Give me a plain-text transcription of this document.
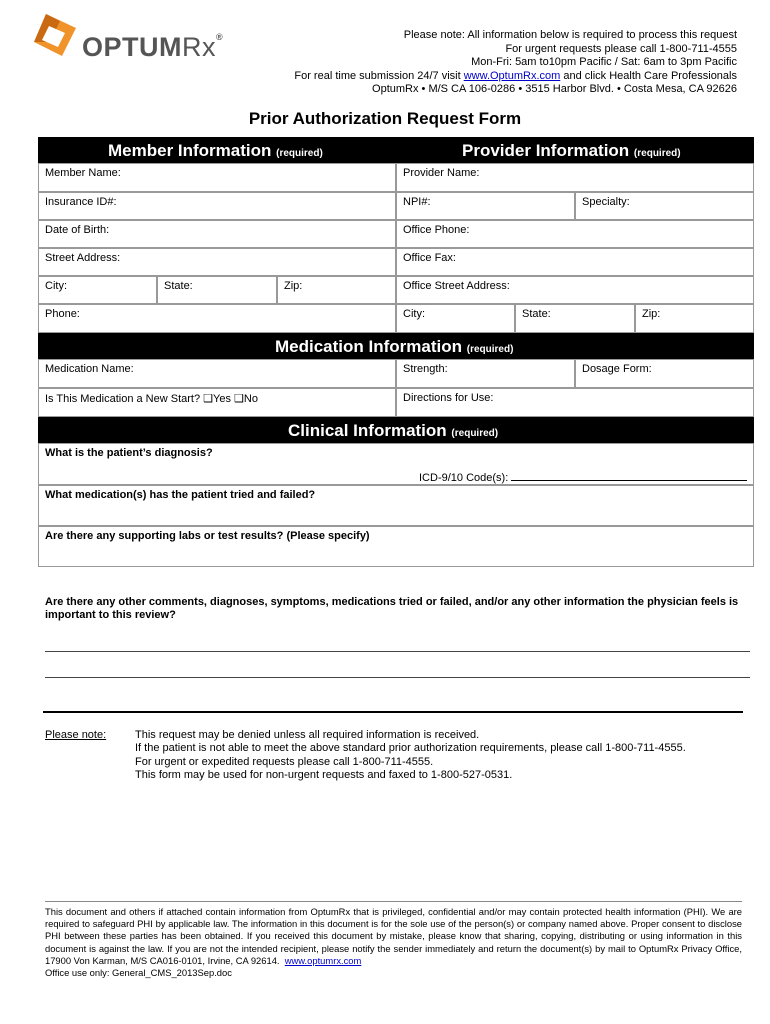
OPTUMRx®	Please note: All information below is required to process this request
For urgent requests please call 1-800-711-4555
Mon-Fri: 5am to10pm Pacific / Sat: 6am to 3pm Pacific
For real time submission 24/7 visit www.OptumRx.com and click Health Care Professionals
OptumRx • M/S CA 106-0286 • 3515 Harbor Blvd. • Costa Mesa, CA 92626
Prior Authorization Request Form
Member Information (required)	Provider Information (required)
Member Name:
Insurance ID#:
Date of Birth:
Street Address:
City:	State:	Zip:
Phone:
Provider Name:
NPI#:	Specialty:
Office Phone:
Office Fax:
Office Street Address:
City:	State:	Zip:
Medication Information (required)
Medication Name:	Strength:	Dosage Form:
Is This Medication a New Start? ❑Yes ❑No	Directions for Use:
Clinical Information (required)
What is the patient’s diagnosis?
ICD-9/10 Code(s):
What medication(s) has the patient tried and failed?
Are there any supporting labs or test results? (Please specify)
Are there any other comments, diagnoses, symptoms, medications tried or failed, and/or any other information the physician feels is important to this review?
Please note:	This request may be denied unless all required information is received.
If the patient is not able to meet the above standard prior authorization requirements, please call 1-800-711-4555.
For urgent or expedited requests please call 1-800-711-4555.
This form may be used for non-urgent requests and faxed to 1-800-527-0531.
This document and others if attached contain information from OptumRx that is privileged, confidential and/or may contain protected health information (PHI). We are required to safeguard PHI by applicable law. The information in this document is for the sole use of the person(s) or company named above. Proper consent to disclose PHI between these parties has been obtained. If you received this document by mistake, please know that sharing, copying, distributing or using information in this document is against the law. If you are not the intended recipient, please notify the sender immediately and return the document(s) by mail to OptumRx Privacy Office, 17900 Von Karman, M/S CA016-0101, Irvine, CA 92614. www.optumrx.com
Office use only: General_CMS_2013Sep.doc
